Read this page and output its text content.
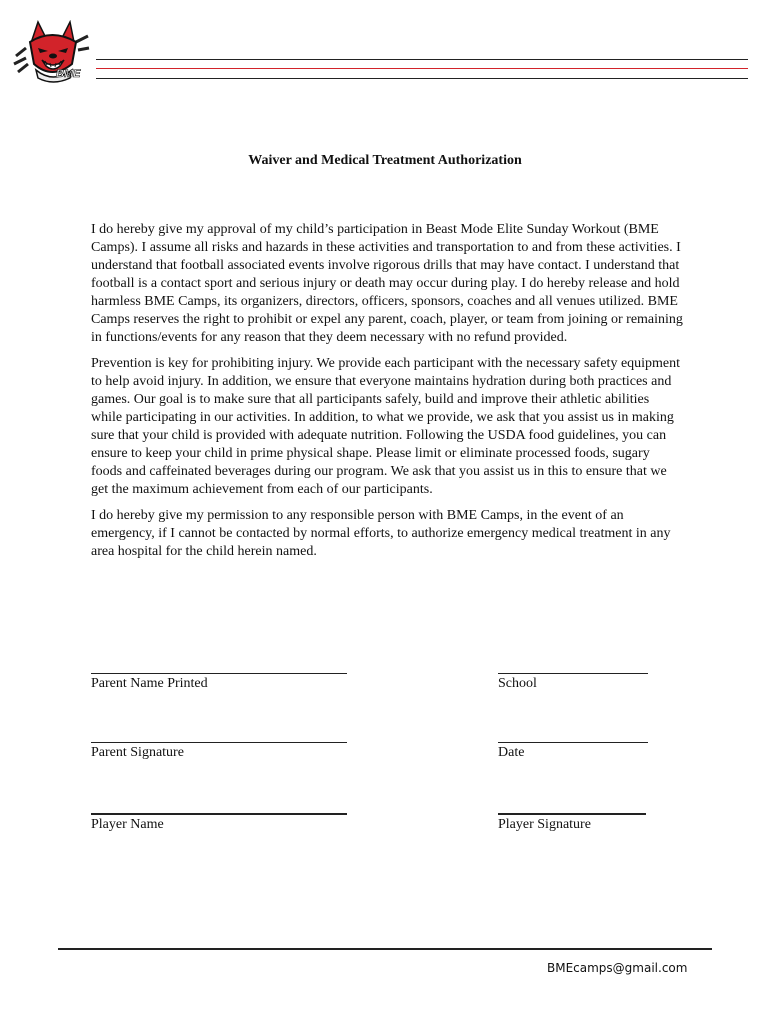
BME
Waiver and Medical Treatment Authorization

I do hereby give my approval of my child’s participation in Beast Mode Elite Sunday Workout (BME Camps). I assume all risks and hazards in these activities and transportation to and from these activities. I understand that football associated events involve rigorous drills that may have contact. I understand that football is a contact sport and serious injury or death may occur during play. I do hereby release and hold harmless BME Camps, its organizers, directors, officers, sponsors, coaches and all venues utilized. BME Camps reserves the right to prohibit or expel any parent, coach, player, or team from joining or remaining in functions/events for any reason that they deem necessary with no refund provided.

Prevention is key for prohibiting injury. We provide each participant with the necessary safety equipment to help avoid injury. In addition, we ensure that everyone maintains hydration during both practices and games. Our goal is to make sure that all participants safely, build and improve their athletic abilities while participating in our activities. In addition, to what we provide, we ask that you assist us in making sure that your child is provided with adequate nutrition. Following the USDA food guidelines, you can ensure to keep your child in prime physical shape. Please limit or eliminate processed foods, sugary foods and caffeinated beverages during our program. We ask that you assist us in this to ensure that we get the maximum achievement from each of our participants.

I do hereby give my permission to any responsible person with BME Camps, in the event of an emergency, if I cannot be contacted by normal efforts, to authorize emergency medical treatment in any area hospital for the child herein named.

Parent Name Printed	School
Parent Signature	Date
Player Name	Player Signature
BMEcamps@gmail.com
